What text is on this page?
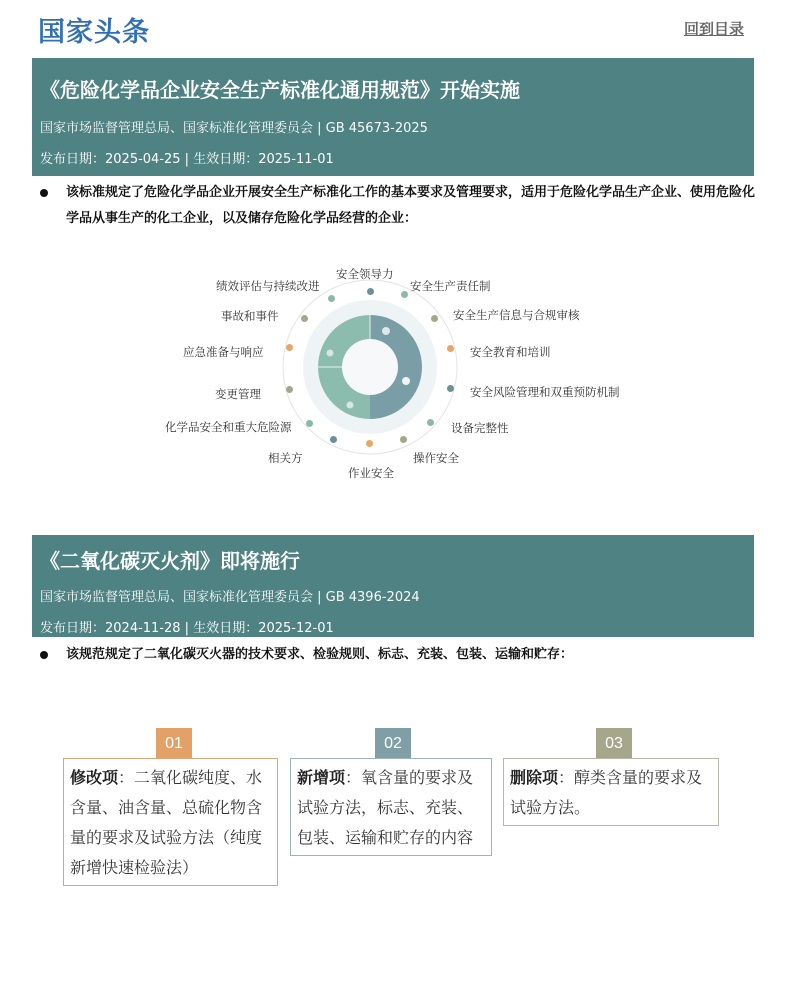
国家头条	回到目录
《危险化学品企业安全生产标准化通用规范》开始实施
国家市场监督管理总局、国家标准化管理委员会 | GB 45673-2025
发布日期：2025-04-25 | 生效日期：2025-11-01
该标准规定了危险化学品企业开展安全生产标准化工作的基本要求及管理要求，适用于危险化学品生产企业、使用危险化学品从事生产的化工企业，以及储存危险化学品经营的企业：
安全领导力
安全生产责任制
安全生产信息与合规审核
安全教育和培训
安全风险管理和双重预防机制
设备完整性
操作安全
作业安全
相关方
化学品安全和重大危险源
变更管理
应急准备与响应
事故和事件
绩效评估与持续改进
《二氧化碳灭火剂》即将施行
国家市场监督管理总局、国家标准化管理委员会 | GB 4396-2024
发布日期：2024-11-28 | 生效日期：2025-12-01
该规范规定了二氧化碳灭火器的技术要求、检验规则、标志、充装、包装、运输和贮存：
01
修改项：二氧化碳纯度、水含量、油含量、总硫化物含量的要求及试验方法（纯度新增快速检验法）
02
新增项：氧含量的要求及试验方法，标志、充装、包装、运输和贮存的内容
03
删除项：醇类含量的要求及试验方法。
